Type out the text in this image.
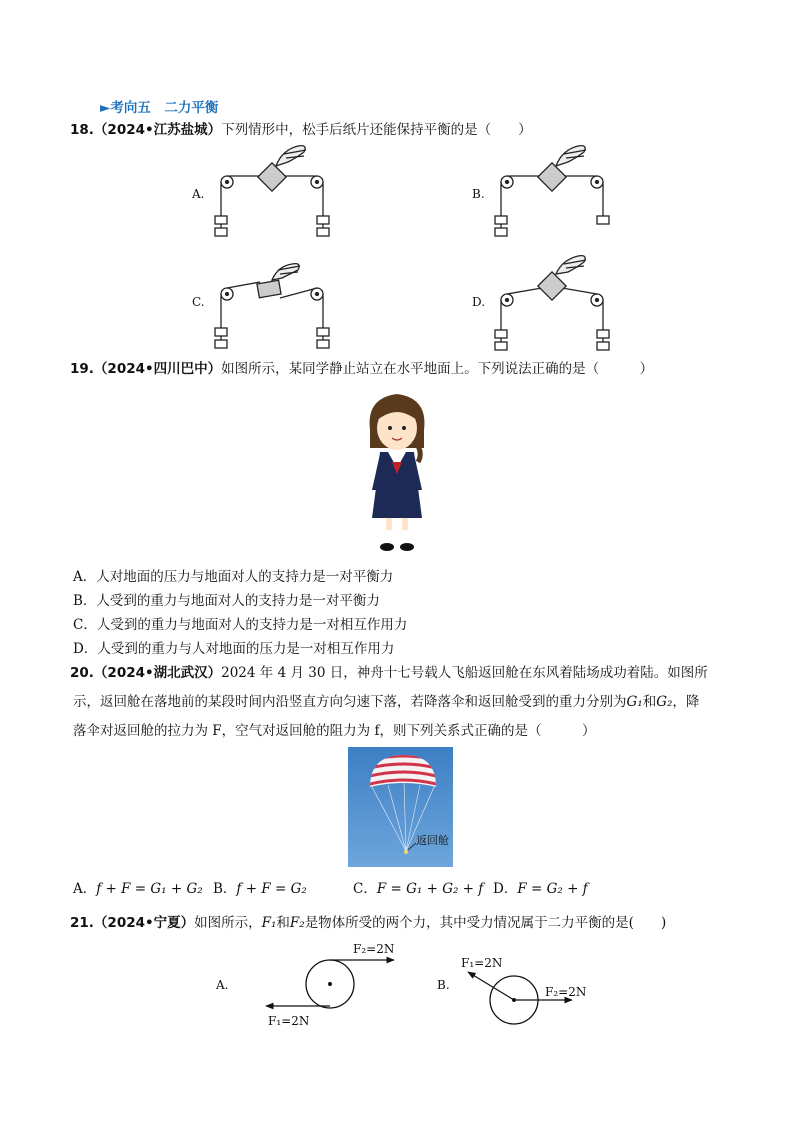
►考向五　二力平衡
18.（2024•江苏盐城）下列情形中，松手后纸片还能保持平衡的是（　　）
A.	B.
C.	D.
19.（2024•四川巴中）如图所示，某同学静止站立在水平地面上。下列说法正确的是（　　　）
A．人对地面的压力与地面对人的支持力是一对平衡力
B．人受到的重力与地面对人的支持力是一对平衡力
C．人受到的重力与地面对人的支持力是一对相互作用力
D．人受到的重力与人对地面的压力是一对相互作用力
20.（2024•湖北武汉）2024 年 4 月 30 日，神舟十七号载人飞船返回舱在东风着陆场成功着陆。如图所
示，返回舱在落地前的某段时间内沿竖直方向匀速下落，若降落伞和返回舱受到的重力分别为G₁和G₂，降
落伞对返回舱的拉力为 F，空气对返回舱的阻力为 f，则下列关系式正确的是（　　　）
返回舱
A．f + F = G₁ + G₂ B．f + F = G₂	C．F = G₁ + G₂ + f D．F = G₂ + f
21.（2024•宁夏）如图所示，F₁和F₂是物体所受的两个力，其中受力情况属于二力平衡的是(　　)
A.	B.
F₂=2N
F₁=2N
F₁=2N
F₂=2N
